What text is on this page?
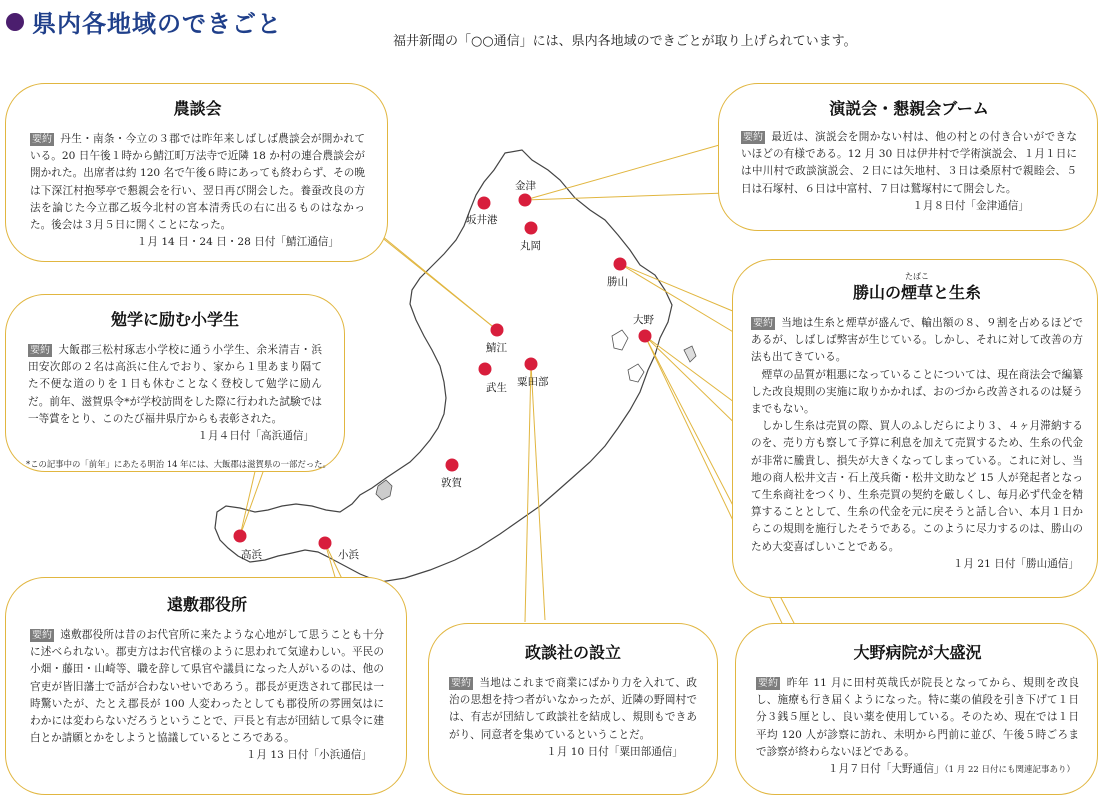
県内各地域のできごと
福井新聞の「○○通信」には、県内各地域のできごとが取り上げられています。
金津
坂井港
丸岡
勝山
大野
鯖江
武生 粟田部
敦賀
高浜	小浜
農談会
要約 丹生・南条・今立の３郡では昨年来しばしば農談会が開かれている。20 日午後１時から鯖江町万法寺で近隣 18 か村の連合農談会が開かれた。出席者は約 120 名で午後６時にあっても終わらず、その晩は下深江村抱琴亭で懇親会を行い、翌日再び開会した。養蚕改良の方法を論じた今立郡乙坂今北村の宮本清秀氏の右に出るものはなかった。後会は３月５日に開くことになった。
１月 14 日・24 日・28 日付「鯖江通信」
勉学に励む小学生
要約 大飯郡三松村琢志小学校に通う小学生、余米清吉・浜田安次郎の２名は高浜に住んでおり、家から１里あまり隔てた不便な道のりを１日も休むことなく登校して勉学に励んだ。前年、滋賀県令*が学校訪問をした際に行われた試験では一等賞をとり、このたび福井県庁からも表彰された。
１月４日付「高浜通信」
*この記事中の「前年」にあたる明治 14 年には、大飯郡は滋賀県の一部だった。
演説会・懇親会ブーム
要約 最近は、演説会を開かない村は、他の村との付き合いができないほどの有様である。12 月 30 日は伊井村で学術演説会、１月１日には中川村で政談演説会、２日には矢地村、３日は桑原村で親睦会、５日は石塚村、６日は中富村、７日は鷲塚村にて開会した。
１月８日付「金津通信」
勝山の
たばこ
煙草と生糸
要約 当地は生糸と煙草が盛んで、輸出額の８、９割を占めるほどであるが、しばしば弊害が生じている。しかし、それに対して改善の方法も出てきている。
煙草の品質が粗悪になっていることについては、現在商法会で編纂した改良規則の実施に取りかかれば、おのづから改善されるのは疑うまでもない。
しかし生糸は売買の際、買人のふしだらにより３、４ヶ月滞納するのを、売り方も察して予算に利息を加えて売買するため、生糸の代金が非常に騰貴し、損失が大きくなってしまっている。これに対し、当地の商人松井文吉・石上茂兵衛・松井文助など 15 人が発起者となって生糸商社をつくり、生糸売買の契約を厳しくし、毎月必ず代金を精算することとして、生糸の代金を元に戻そうと話し合い、本月１日からこの規則を施行したそうである。このように尽力するのは、勝山のため大変喜ばしいことである。
１月 21 日付「勝山通信」
遠敷郡役所
要約 遠敷郡役所は昔のお代官所に来たような心地がして思うことも十分に述べられない。郡吏方はお代官様のように思われて気違わしい。平民の小畑・藤田・山崎等、職を辞して県官や議員になった人がいるのは、他の官吏が皆旧藩士で話が合わないせいであろう。郡長が更迭されて郡民は一時驚いたが、たとえ郡長が 100 人変わったとしても郡役所の雰囲気はにわかには変わらないだろうということで、戸長と有志が団結して県令に建白とか請願とかをしようと協議しているところである。
１月 13 日付「小浜通信」
政談社の設立
要約 当地はこれまで商業にばかり力を入れて、政治の思想を持つ者がいなかったが、近隣の野岡村では、有志が団結して政談社を結成し、規則もできあがり、同意者を集めているということだ。
１月 10 日付「粟田部通信」
大野病院が大盛況
要約 昨年 11 月に田村英哉氏が院長となってから、規則を改良し、施療も行き届くようになった。特に薬の値段を引き下げて１日分３銭５厘とし、良い薬を使用している。そのため、現在では１日平均 120 人が診察に訪れ、未明から門前に並び、午後５時ごろまで診察が終わらないほどである。
１月７日付「大野通信」（1 月 22 日付にも関連記事あり）
